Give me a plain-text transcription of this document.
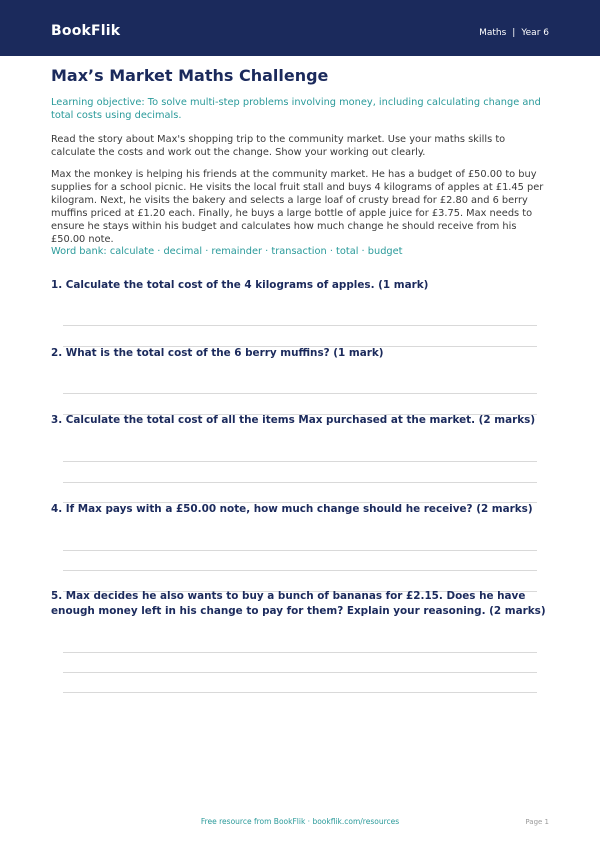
BookFlik	Maths | Year 6
Max’s Market Maths Challenge
Learning objective: To solve multi-step problems involving money, including calculating change and total costs using decimals.
Read the story about Max's shopping trip to the community market. Use your maths skills to calculate the costs and work out the change. Show your working out clearly.
Max the monkey is helping his friends at the community market. He has a budget of £50.00 to buy supplies for a school picnic. He visits the local fruit stall and buys 4 kilograms of apples at £1.45 per kilogram. Next, he visits the bakery and selects a large loaf of crusty bread for £2.80 and 6 berry muffins priced at £1.20 each. Finally, he buys a large bottle of apple juice for £3.75. Max needs to ensure he stays within his budget and calculates how much change he should receive from his £50.00 note.
Word bank: calculate · decimal · remainder · transaction · total · budget
1. Calculate the total cost of the 4 kilograms of apples. (1 mark)
2. What is the total cost of the 6 berry muffins? (1 mark)
3. Calculate the total cost of all the items Max purchased at the market. (2 marks)
4. If Max pays with a £50.00 note, how much change should he receive? (2 marks)
5. Max decides he also wants to buy a bunch of bananas for £2.15. Does he have enough money left in his change to pay for them? Explain your reasoning. (2 marks)
Free resource from BookFlik · bookflik.com/resources	Page 1
